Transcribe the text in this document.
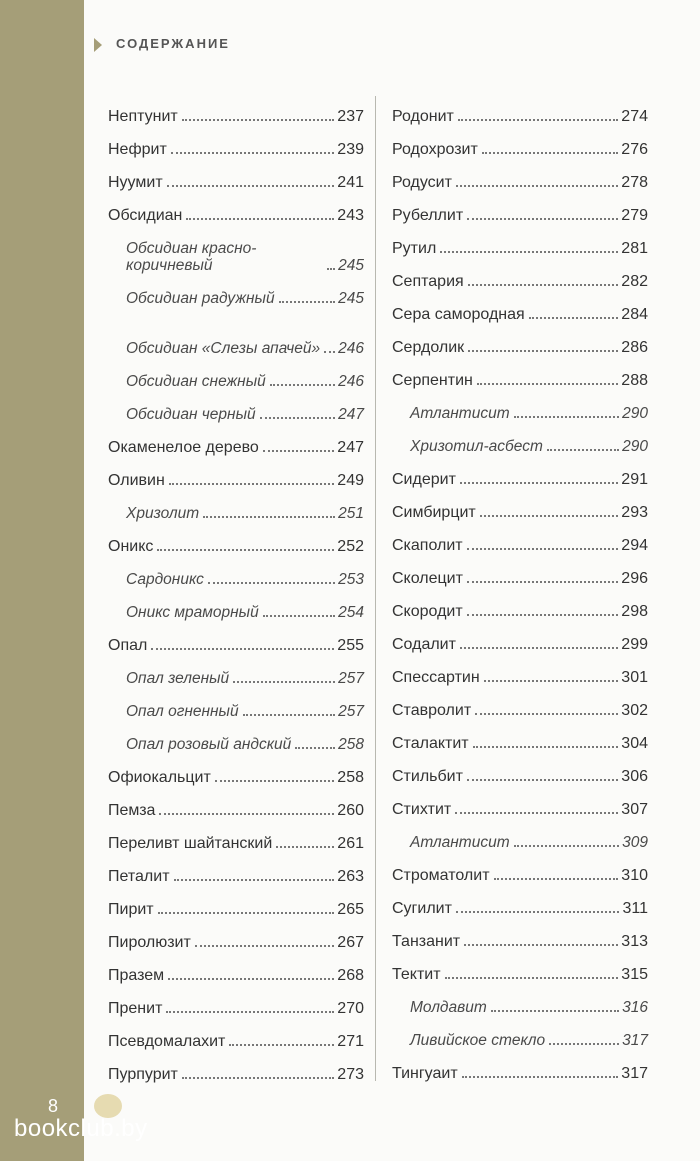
СОДЕРЖАНИЕ
Нептунит	237
Нефрит	239
Нуумит	241
Обсидиан	243
Обсидиан красно-коричневый	245
Обсидиан радужный	245
Обсидиан «Слезы апачей» 246
Обсидиан снежный	246
Обсидиан черный	247
Окаменелое дерево	247
Оливин	249
Хризолит	251
Оникс	252
Сардоникс	253
Оникс мраморный	254
Опал	255
Опал зеленый	257
Опал огненный	257
Опал розовый андский	258
Офиокальцит	258
Пемза	260
Переливт шайтанский	261
Петалит	263
Пирит	265
Пиролюзит	267
Празем	268
Пренит	270
Псевдомалахит	271
Пурпурит	273
Родонит	274
Родохрозит	276
Родусит	278
Рубеллит	279
Рутил	281
Септария	282
Сера самородная	284
Сердолик	286
Серпентин	288
Атлантисит	290
Хризотил-асбест	290
Сидерит	291
Симбирцит	293
Скаполит	294
Сколецит	296
Скородит	298
Содалит	299
Спессартин	301
Ставролит	302
Сталактит	304
Стильбит	306
Стихтит	307
Атлантисит	309
Строматолит	310
Сугилит	311
Танзанит	313
Тектит	315
Молдавит	316
Ливийское стекло	317
Тингуаит	317
8
bookclub.by
